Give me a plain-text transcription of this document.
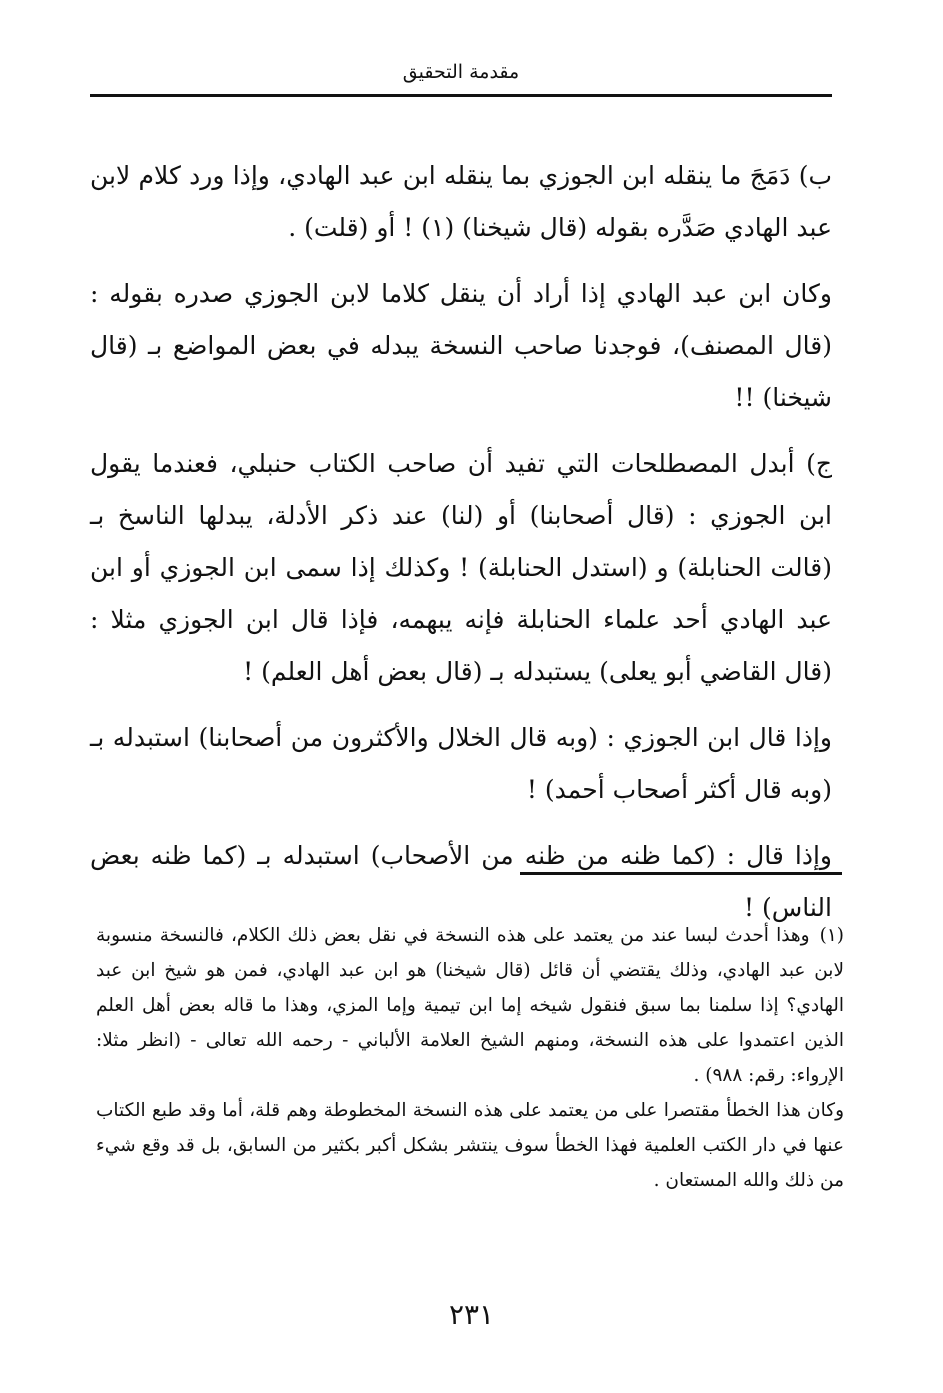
مقدمة التحقيق

ب) دَمَجَ ما ينقله ابن الجوزي بما ينقله ابن عبد الهادي، وإذا ورد كلام لابن عبد الهادي صَدَّره بقوله (قال شيخنا) (١) ! أو (قلت) .

وكان ابن عبد الهادي إذا أراد أن ينقل كلاما لابن الجوزي صدره بقوله : (قال المصنف)، فوجدنا صاحب النسخة يبدله في بعض المواضع بـ (قال شيخنا) !!

ج) أبدل المصطلحات التي تفيد أن صاحب الكتاب حنبلي، فعندما يقول ابن الجوزي : (قال أصحابنا) أو (لنا) عند ذكر الأدلة، يبدلها الناسخ بـ (قالت الحنابلة) و (استدل الحنابلة) ! وكذلك إذا سمى ابن الجوزي أو ابن عبد الهادي أحد علماء الحنابلة فإنه يبهمه، فإذا قال ابن الجوزي مثلا : (قال القاضي أبو يعلى) يستبدله بـ (قال بعض أهل العلم) !

وإذا قال ابن الجوزي : (وبه قال الخلال والأكثرون من أصحابنا) استبدله بـ (وبه قال أكثر أصحاب أحمد) !

وإذا قال : (كما ظنه من ظنه من الأصحاب) استبدله بـ (كما ظنه بعض الناس) !

(١)وهذا أحدث لبسا عند من يعتمد على هذه النسخة في نقل بعض ذلك الكلام، فالنسخة منسوبة لابن عبد الهادي، وذلك يقتضي أن قائل (قال شيخنا) هو ابن عبد الهادي، فمن هو شيخ ابن عبد الهادي؟ إذا سلمنا بما سبق فنقول شيخه إما ابن تيمية وإما المزي، وهذا ما قاله بعض أهل العلم الذين اعتمدوا على هذه النسخة، ومنهم الشيخ العلامة الألباني - رحمه الله تعالى - (انظر مثلا: الإرواء: رقم: ٩٨٨) .

وكان هذا الخطأ مقتصرا على من يعتمد على هذه النسخة المخطوطة وهم قلة، أما وقد طبع الكتاب عنها في دار الكتب العلمية فهذا الخطأ سوف ينتشر بشكل أكبر بكثير من السابق، بل قد وقع شيء من ذلك والله المستعان .

٢٣١
